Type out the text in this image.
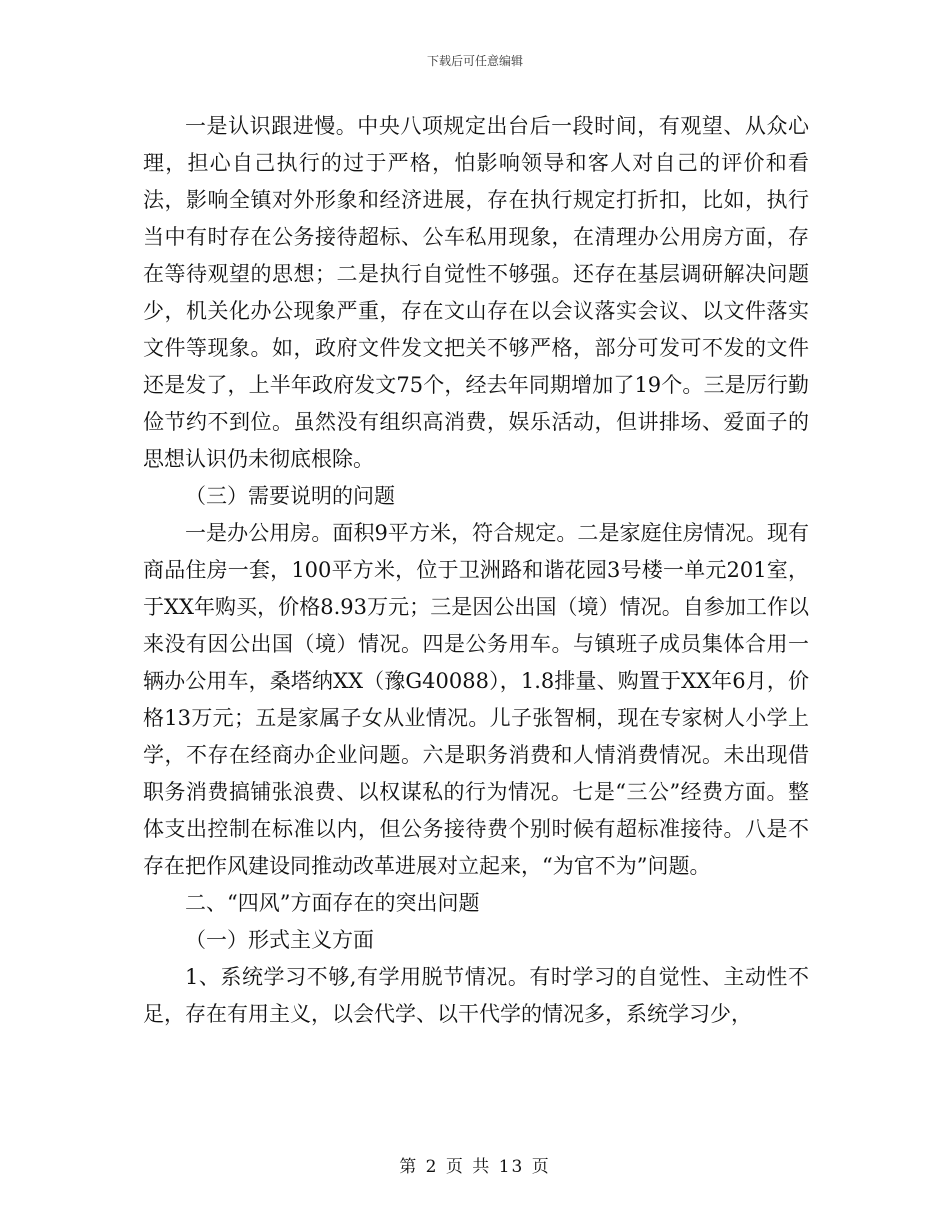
下载后可任意编辑

一是认识跟进慢。中央八项规定出台后一段时间，有观望、从众心理，担心自己执行的过于严格，怕影响领导和客人对自己的评价和看法，影响全镇对外形象和经济进展，存在执行规定打折扣，比如，执行当中有时存在公务接待超标、公车私用现象，在清理办公用房方面，存在等待观望的思想；二是执行自觉性不够强。还存在基层调研解决问题少，机关化办公现象严重，存在文山存在以会议落实会议、以文件落实文件等现象。如，政府文件发文把关不够严格，部分可发可不发的文件还是发了，上半年政府发文75个，经去年同期增加了19个。三是厉行勤俭节约不到位。虽然没有组织高消费，娱乐活动，但讲排场、爱面子的思想认识仍未彻底根除。

（三）需要说明的问题

一是办公用房。面积9平方米，符合规定。二是家庭住房情况。现有商品住房一套，100平方米，位于卫洲路和谐花园3号楼一单元201室，于XX年购买，价格8.93万元；三是因公出国（境）情况。自参加工作以来没有因公出国（境）情况。四是公务用车。与镇班子成员集体合用一辆办公用车，桑塔纳XX（豫G40088），1.8排量、购置于XX年6月，价格13万元；五是家属子女从业情况。儿子张智桐，现在专家树人小学上学，不存在经商办企业问题。六是职务消费和人情消费情况。未出现借职务消费搞铺张浪费、以权谋私的行为情况。七是“三公”经费方面。整体支出控制在标准以内，但公务接待费个别时候有超标准接待。八是不存在把作风建设同推动改革进展对立起来，“为官不为”问题。

二、“四风”方面存在的突出问题

（一）形式主义方面

1、系统学习不够,有学用脱节情况。有时学习的自觉性、主动性不足，存在有用主义，以会代学、以干代学的情况多，系统学习少，

第 2 页 共 13 页
